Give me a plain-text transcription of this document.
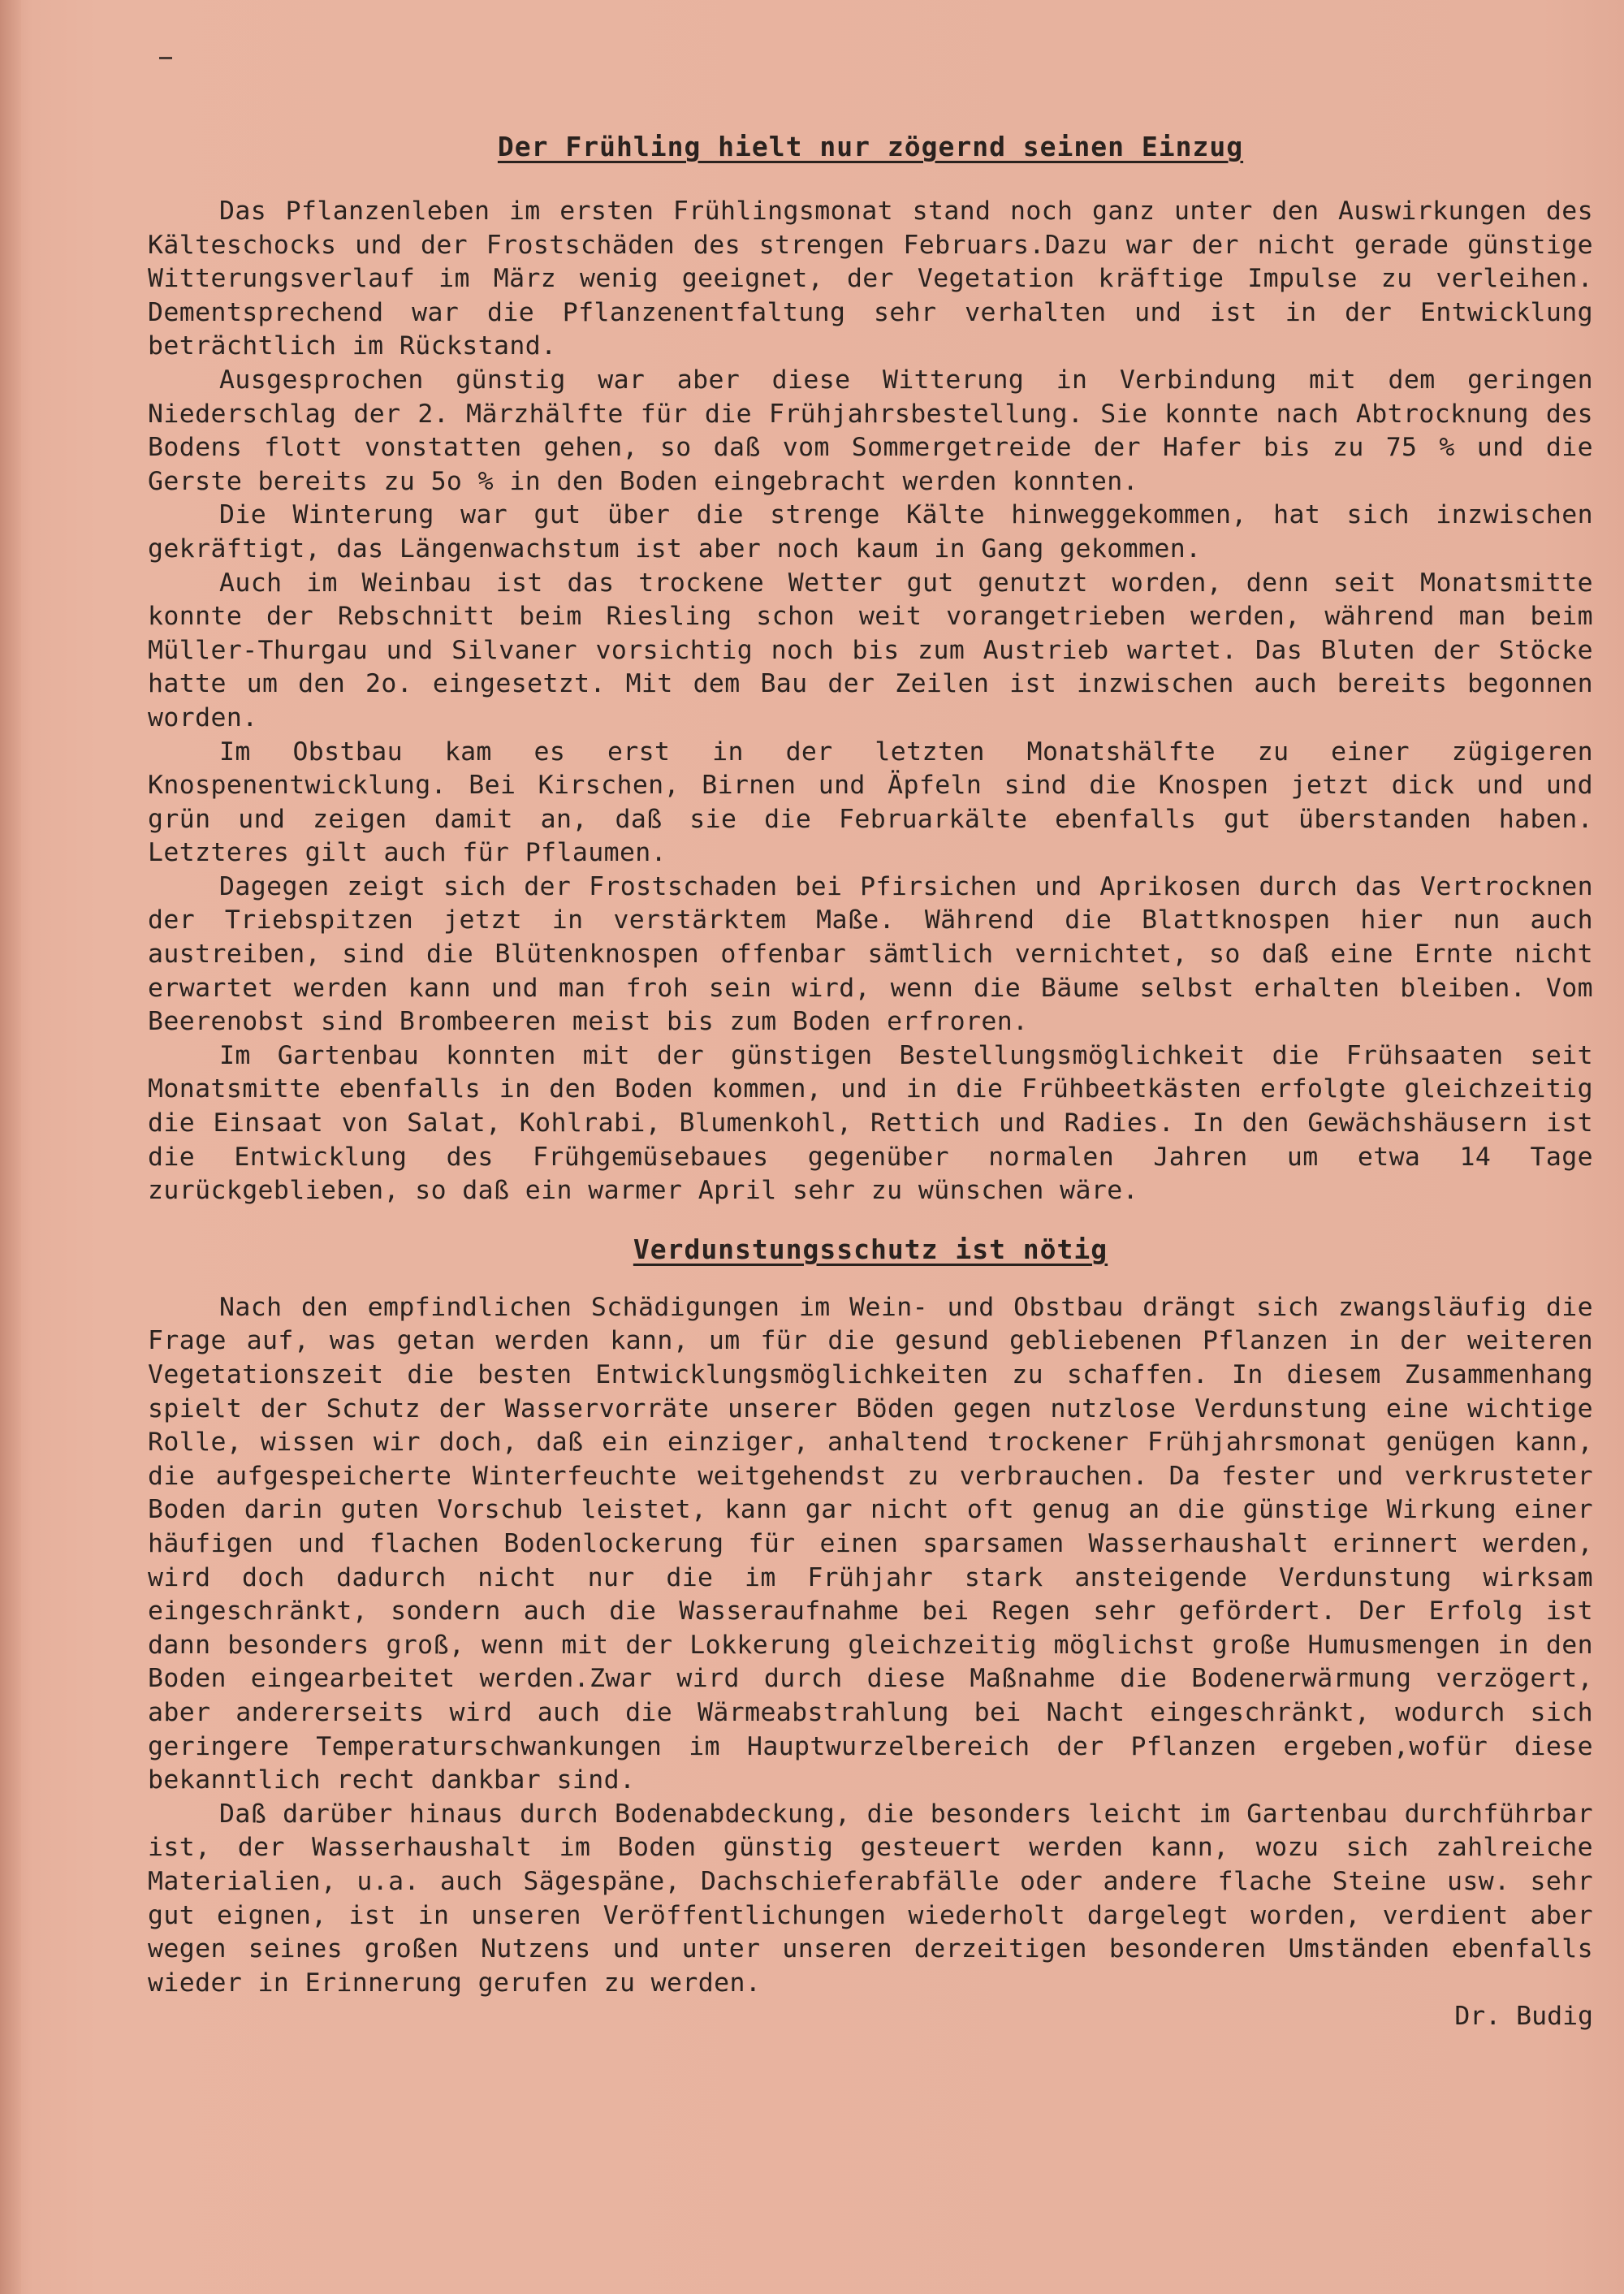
Der Frühling hielt nur zögernd seinen Einzug

Das Pflanzenleben im ersten Frühlingsmonat stand noch ganz unter den Auswirkungen des Kälteschocks und der Frostschäden des strengen Februars.Dazu war der nicht gerade günstige Witterungsverlauf im März wenig geeignet, der Vegetation kräftige Impulse zu verleihen. Dementsprechend war die Pflanzenentfaltung sehr verhalten und ist in der Entwicklung beträchtlich im Rückstand.

Ausgesprochen günstig war aber diese Witterung in Verbindung mit dem geringen Niederschlag der 2. Märzhälfte für die Frühjahrsbestellung. Sie konnte nach Abtrocknung des Bodens flott vonstatten gehen, so daß vom Sommergetreide der Hafer bis zu 75 % und die Gerste bereits zu 5o % in den Boden eingebracht werden konnten.

Die Winterung war gut über die strenge Kälte hinweggekommen, hat sich inzwischen gekräftigt, das Längenwachstum ist aber noch kaum in Gang gekommen.

Auch im Weinbau ist das trockene Wetter gut genutzt worden, denn seit Monatsmitte konnte der Rebschnitt beim Riesling schon weit vorangetrieben werden, während man beim Müller-Thurgau und Silvaner vorsichtig noch bis zum Austrieb wartet. Das Bluten der Stöcke hatte um den 2o. eingesetzt. Mit dem Bau der Zeilen ist inzwischen auch bereits begonnen worden.

Im Obstbau kam es erst in der letzten Monatshälfte zu einer zügigeren Knospenentwicklung. Bei Kirschen, Birnen und Äpfeln sind die Knospen jetzt dick und und grün und zeigen damit an, daß sie die Februarkälte ebenfalls gut überstanden haben. Letzteres gilt auch für Pflaumen.

Dagegen zeigt sich der Frostschaden bei Pfirsichen und Aprikosen durch das Vertrocknen der Triebspitzen jetzt in verstärktem Maße. Während die Blattknospen hier nun auch austreiben, sind die Blütenknospen offenbar sämtlich vernichtet, so daß eine Ernte nicht erwartet werden kann und man froh sein wird, wenn die Bäume selbst erhalten bleiben. Vom Beerenobst sind Brombeeren meist bis zum Boden erfroren.

Im Gartenbau konnten mit der günstigen Bestellungsmöglichkeit die Frühsaaten seit Monatsmitte ebenfalls in den Boden kommen, und in die Frühbeetkästen erfolgte gleichzeitig die Einsaat von Salat, Kohlrabi, Blumenkohl, Rettich und Radies. In den Gewächshäusern ist die Entwicklung des Frühgemüsebaues gegenüber normalen Jahren um etwa 14 Tage zurückgeblieben, so daß ein warmer April sehr zu wünschen wäre.

Verdunstungsschutz ist nötig

Nach den empfindlichen Schädigungen im Wein- und Obstbau drängt sich zwangsläufig die Frage auf, was getan werden kann, um für die gesund gebliebenen Pflanzen in der weiteren Vegetationszeit die besten Entwicklungsmöglichkeiten zu schaffen. In diesem Zusammenhang spielt der Schutz der Wasservorräte unserer Böden gegen nutzlose Verdunstung eine wichtige Rolle, wissen wir doch, daß ein einziger, anhaltend trockener Frühjahrsmonat genügen kann, die aufgespeicherte Winterfeuchte weitgehendst zu verbrauchen. Da fester und verkrusteter Boden darin guten Vorschub leistet, kann gar nicht oft genug an die günstige Wirkung einer häufigen und flachen Bodenlockerung für einen sparsamen Wasserhaushalt erinnert werden, wird doch dadurch nicht nur die im Frühjahr stark ansteigende Verdunstung wirksam eingeschränkt, sondern auch die Wasseraufnahme bei Regen sehr gefördert. Der Erfolg ist dann besonders groß, wenn mit der Lokkerung gleichzeitig möglichst große Humusmengen in den Boden eingearbeitet werden.Zwar wird durch diese Maßnahme die Bodenerwärmung verzögert, aber andererseits wird auch die Wärmeabstrahlung bei Nacht eingeschränkt, wodurch sich geringere Temperaturschwankungen im Hauptwurzelbereich der Pflanzen ergeben,wofür diese bekanntlich recht dankbar sind.

Daß darüber hinaus durch Bodenabdeckung, die besonders leicht im Gartenbau durchführbar ist, der Wasserhaushalt im Boden günstig gesteuert werden kann, wozu sich zahlreiche Materialien, u.a. auch Sägespäne, Dachschieferabfälle oder andere flache Steine usw. sehr gut eignen, ist in unseren Veröffentlichungen wiederholt dargelegt worden, verdient aber wegen seines großen Nutzens und unter unseren derzeitigen besonderen Umständen ebenfalls wieder in Erinnerung gerufen zu werden.

Dr. Budig
